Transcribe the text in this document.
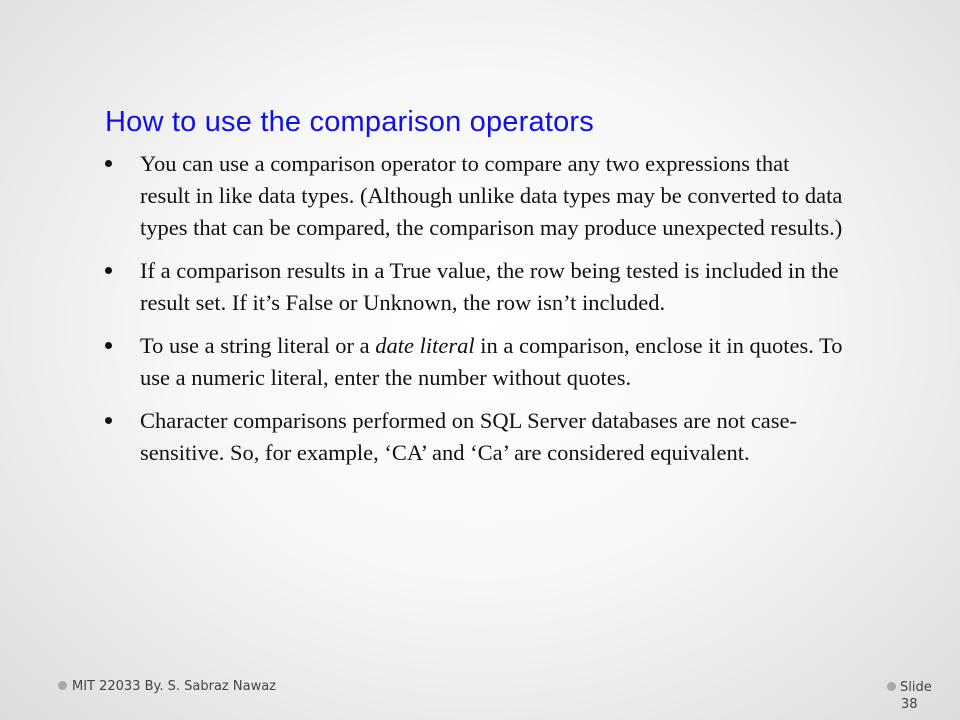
How to use the comparison operators
You can use a comparison operator to compare any two expressions that result in like data types. (Although unlike data types may be converted to data types that can be compared, the comparison may produce unexpected results.)
If a comparison results in a True value, the row being tested is included in the result set. If it’s False or Unknown, the row isn’t included.
To use a string literal or a date literal in a comparison, enclose it in quotes. To use a numeric literal, enter the number without quotes.
Character comparisons performed on SQL Server databases are not case-sensitive. So, for example, ‘CA’ and ‘Ca’ are considered equivalent.
MIT 22033 By. S. Sabraz Nawaz	Slide
38
